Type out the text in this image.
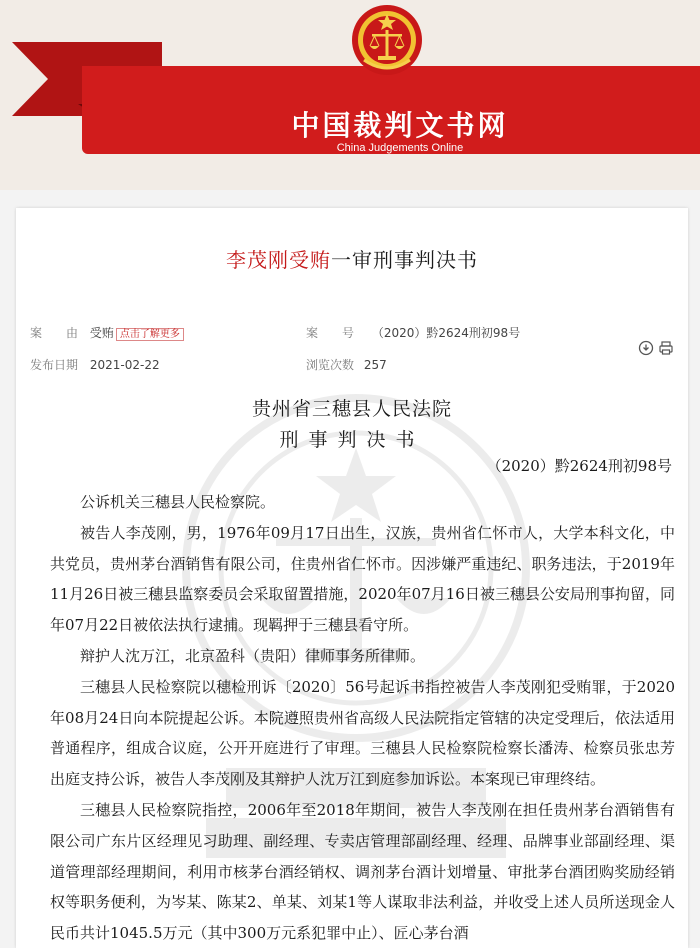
中国裁判文书网
China Judgements Online
李茂刚受贿一审刑事判决书
案　　由 受贿 点击了解更多	案　　号 （2020）黔2624刑初98号
发布日期 2021-02-22	浏览次数 257
贵州省三穗县人民法院
刑事判决书
（2020）黔2624刑初98号

公诉机关三穗县人民检察院。

被告人李茂刚，男，1976年09月17日出生，汉族，贵州省仁怀市人，大学本科文化，中共党员，贵州茅台酒销售有限公司，住贵州省仁怀市。因涉嫌严重违纪、职务违法，于2019年11月26日被三穗县监察委员会采取留置措施，2020年07月16日被三穗县公安局刑事拘留，同年07月22日被依法执行逮捕。现羁押于三穗县看守所。

辩护人沈万江，北京盈科（贵阳）律师事务所律师。

三穗县人民检察院以穗检刑诉〔2020〕56号起诉书指控被告人李茂刚犯受贿罪，于2020年08月24日向本院提起公诉。本院遵照贵州省高级人民法院指定管辖的决定受理后，依法适用普通程序，组成合议庭，公开开庭进行了审理。三穗县人民检察院检察长潘涛、检察员张忠芳出庭支持公诉，被告人李茂刚及其辩护人沈万江到庭参加诉讼。本案现已审理终结。

三穗县人民检察院指控，2006年至2018年期间，被告人李茂刚在担任贵州茅台酒销售有限公司广东片区经理见习助理、副经理、专卖店管理部副经理、经理、品牌事业部副经理、渠道管理部经理期间，利用市核茅台酒经销权、调剂茅台酒计划增量、审批茅台酒团购奖励经销权等职务便利，为岑某、陈某2、单某、刘某1等人谋取非法利益，并收受上述人员所送现金人民币共计1045.5万元（其中300万元系犯罪中止）、匠心茅台酒
